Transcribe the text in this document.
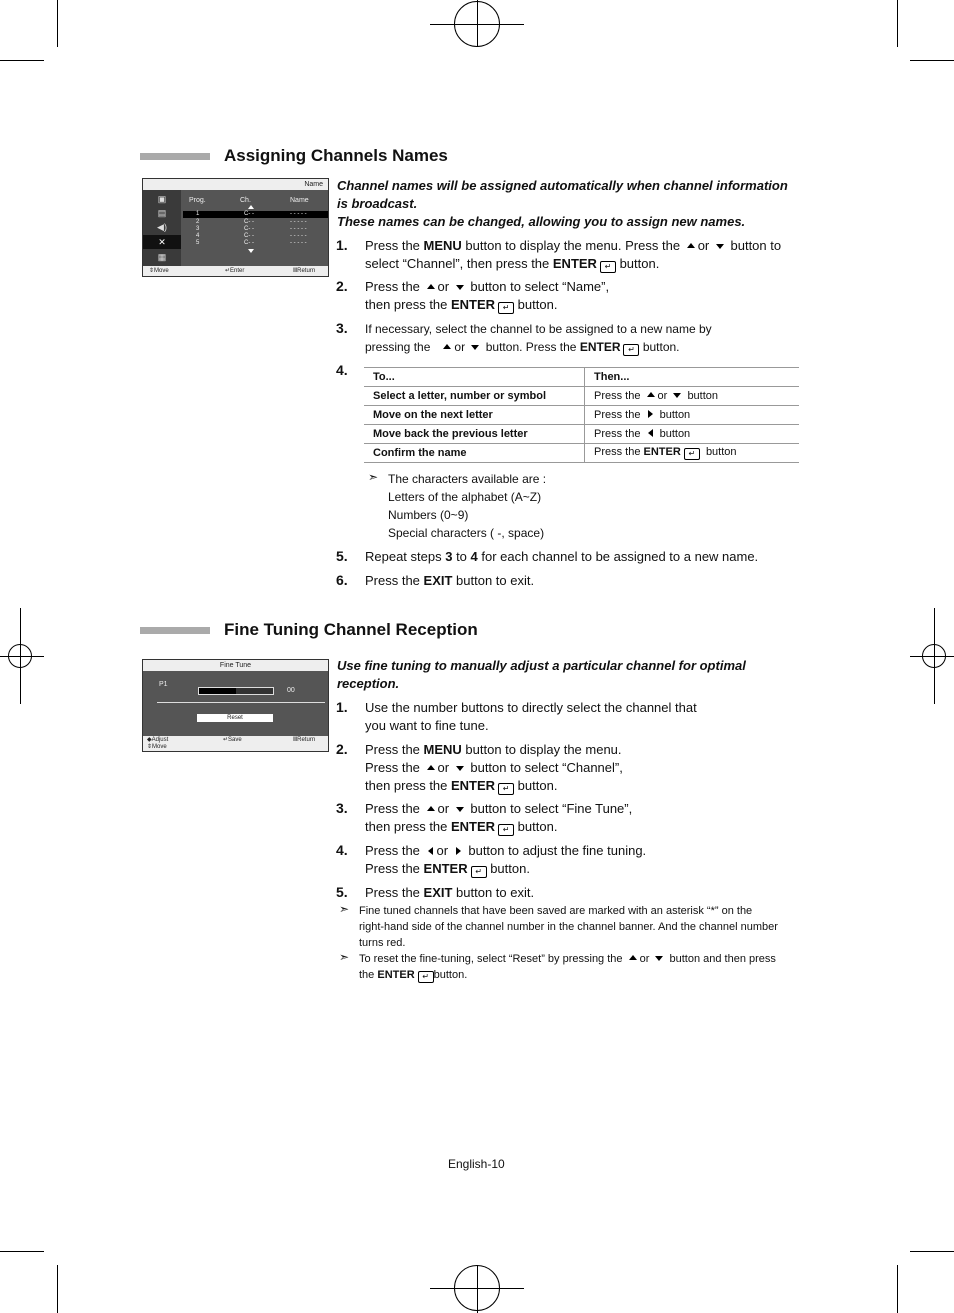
Assigning Channels Names
Name
▣
▤
◀)
✕
▦
Prog.	Ch.	Name
1	C- -	- - - - -
2	C- -	- - - - -
3	C- -	- - - - -
4	C- -	- - - - -
5	C- -	- - - - -
⇕Move	↵Enter	ⅢReturn
Channel names will be assigned automatically when channel information
is broadcast.
These names can be changed, allowing you to assign new names.
1. Press the MENU button to display the menu. Press the or button to
select “Channel”, then press the ENTER ↵ button.
2. Press the or button to select “Name”,
then press the ENTER ↵ button.
3. If necessary, select the channel to be assigned to a new name by
pressing the or button. Press the ENTER ↵ button.
4. To...	Then...
Select a letter, number or symbol	Press the or button
Move on the next letter	Press the button
Move back the previous letter	Press the button
Confirm the name	Press the ENTER ↵ button
➣ The characters available are :
Letters of the alphabet (A~Z)
Numbers (0~9)
Special characters ( -, space)
5. Repeat steps 3 to 4 for each channel to be assigned to a new name.
6. Press the EXIT button to exit.
Fine Tuning Channel Reception
Fine Tune
P1
00
Reset
◆Adjust
⇕Move
↵Save	ⅢReturn
Use fine tuning to manually adjust a particular channel for optimal
reception.
1. Use the number buttons to directly select the channel that
you want to fine tune.
2. Press the MENU button to display the menu.
Press the or button to select “Channel”,
then press the ENTER ↵ button.
3. Press the or button to select “Fine Tune”,
then press the ENTER ↵ button.
4. Press the or button to adjust the fine tuning.
Press the ENTER ↵ button.
5. Press the EXIT button to exit.
➣ Fine tuned channels that have been saved are marked with an asterisk “*” on the
right-hand side of the channel number in the channel banner. And the channel number
turns red.
➣ To reset the fine-tuning, select “Reset” by pressing the or button and then press
the ENTER ↵ button.
English-10
